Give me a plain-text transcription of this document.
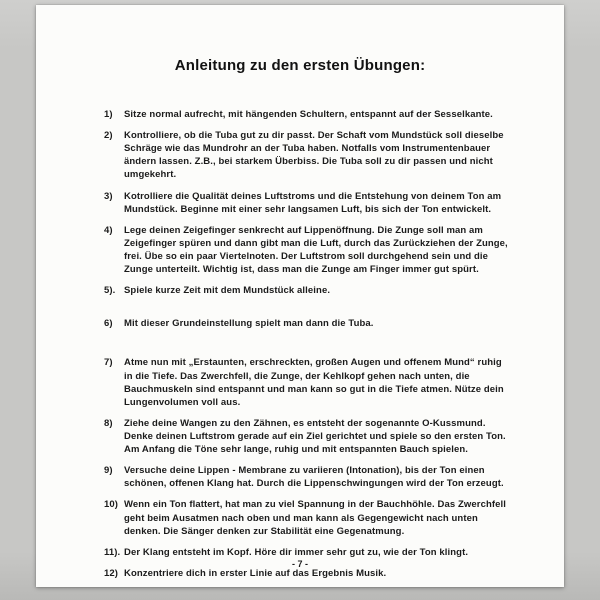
Anleitung zu den ersten Übungen:
1)	Sitze normal aufrecht, mit hängenden Schultern, entspannt auf der Sesselkante.
2)	Kontrolliere, ob die Tuba gut zu dir passt. Der Schaft vom Mundstück soll dieselbe Schräge wie das Mundrohr an der Tuba haben. Notfalls vom Instrumentenbauer ändern lassen. Z.B., bei starkem Überbiss. Die Tuba soll zu dir passen und nicht umgekehrt.
3)	Kotrolliere die Qualität deines Luftstroms und die Entstehung von deinem Ton am Mundstück. Beginne mit einer sehr langsamen Luft, bis sich der Ton entwickelt.
4)	Lege deinen Zeigefinger senkrecht auf Lippenöffnung. Die Zunge soll man am Zeigefinger spüren und dann gibt man die Luft, durch das Zurückziehen der Zunge, frei. Übe so ein paar Viertelnoten. Der Luftstrom soll durchgehend sein und die Zunge unterteilt. Wichtig ist, dass man die Zunge am Finger immer gut spürt.
5). Spiele kurze Zeit mit dem Mundstück alleine.
6)	Mit dieser Grundeinstellung spielt man dann die Tuba.
7)	Atme nun mit „Erstaunten, erschreckten, großen Augen und offenem Mund“ ruhig in die Tiefe. Das Zwerchfell, die Zunge, der Kehlkopf gehen nach unten, die Bauchmuskeln sind entspannt und man kann so gut in die Tiefe atmen. Nütze dein Lungenvolumen voll aus.
8)	Ziehe deine Wangen zu den Zähnen, es entsteht der sogenannte O-Kussmund. Denke deinen Luftstrom gerade auf ein Ziel gerichtet und spiele so den ersten Ton. Am Anfang die Töne sehr lange, ruhig und mit entspannten Bauch spielen.
9)	Versuche deine Lippen - Membrane zu variieren (Intonation), bis der Ton einen schönen, offenen Klang hat. Durch die Lippenschwingungen wird der Ton erzeugt.
10) Wenn ein Ton flattert, hat man zu viel Spannung in der Bauchhöhle. Das Zwerchfell geht beim Ausatmen nach oben und man kann als Gegengewicht nach unten denken. Die Sänger denken zur Stabilität eine Gegenatmung.
11). Der Klang entsteht im Kopf. Höre dir immer sehr gut zu, wie der Ton klingt.
12) Konzentriere dich in erster Linie auf das Ergebnis Musik.
- 7 -
